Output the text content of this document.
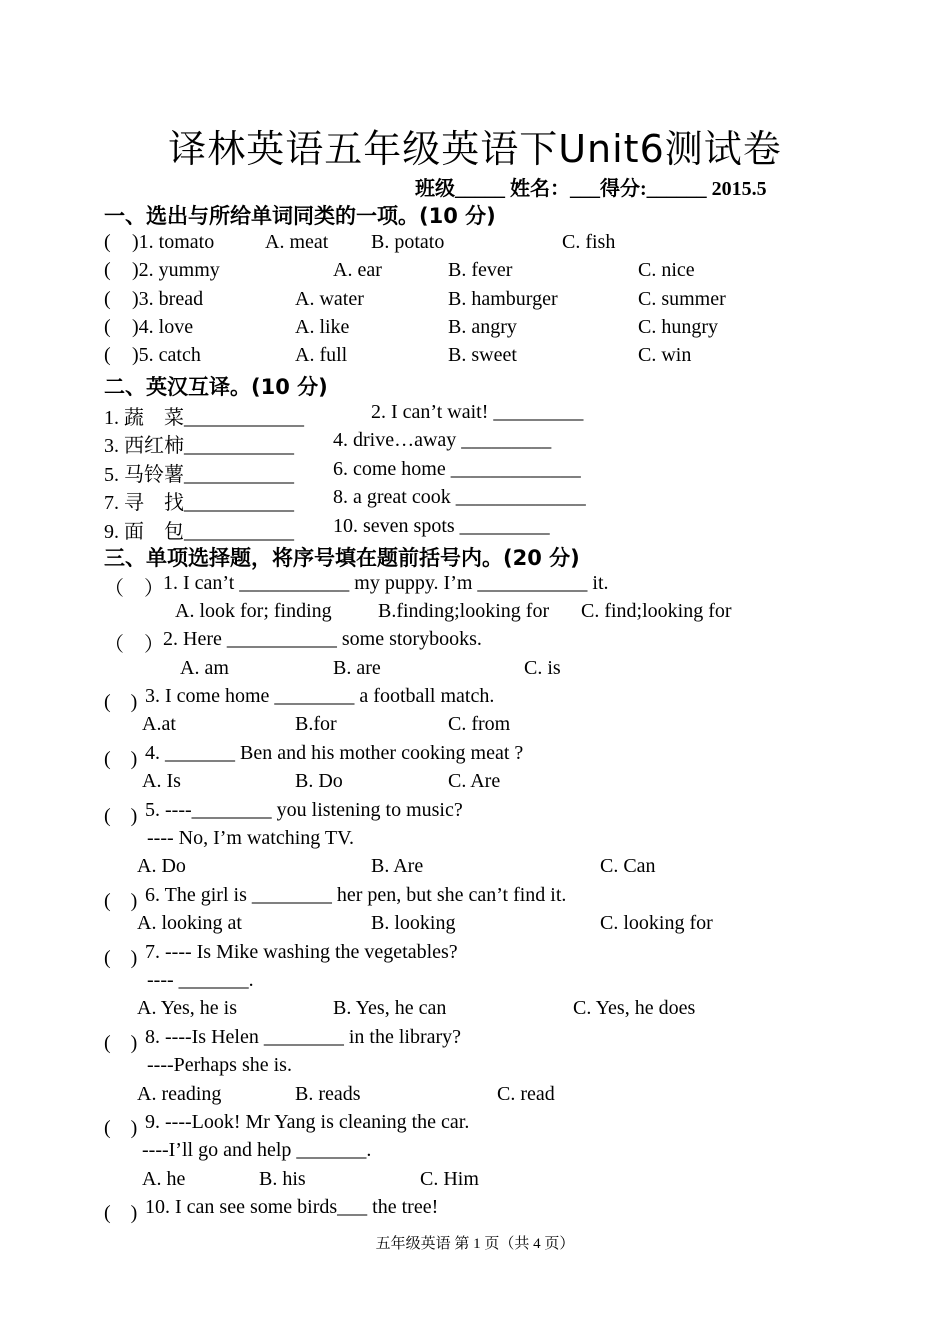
译林英语五年级英语下Unit6测试卷
班级_____ 姓名：___得分:______ 2015.5
一、选出与所给单词同类的一项。(10 分)
( )1. tomato	A. meat B. potato	C. fish
( )2. yummy	A. ear	B. fever	C. nice
( )3. bread	A. water	B. hamburger	C. summer
( )4. love	A. like	B. angry	C. hungry
( )5. catch	A. full	B. sweet	C. win
二、英汉互译。(10 分)
1. 蔬　菜____________	2. I can’t wait! _________
3. 西红柿___________ 4. drive…away _________
5. 马铃薯___________ 6. come home _____________
7. 寻　找___________ 8. a great cook _____________
9. 面　包___________ 10. seven spots _________
三、单项选择题，将序号填在题前括号内。(20 分)
（　） 1. I can’t ___________ my puppy. I’m ___________ it.
A. look for; finding B.finding;looking for C. find;looking for
（　） 2. Here ___________ some storybooks.
A. am	B. are	C. is
(　) 3. I come home ________ a football match.
A.at	B.for	C. from
(　) 4. _______ Ben and his mother cooking meat ?
A. Is	B. Do	C. Are
(　) 5. ----________ you listening to music?
---- No, I’m watching TV.
A. Do	B. Are	C. Can
(　) 6. The girl is ________ her pen, but she can’t find it.
A. looking at	B. looking	C. looking for
(　) 7. ---- Is Mike washing the vegetables?
---- _______.
A. Yes, he is	B. Yes, he can	C. Yes, he does
(　) 8. ----Is Helen ________ in the library?
----Perhaps she is.
A. reading	B. reads	C. read
(　) 9. ----Look! Mr Yang is cleaning the car.
----I’ll go and help _______.
A. he	B. his	C. Him
(　) 10. I can see some birds___ the tree!
五年级英语 第 1 页（共 4 页）
